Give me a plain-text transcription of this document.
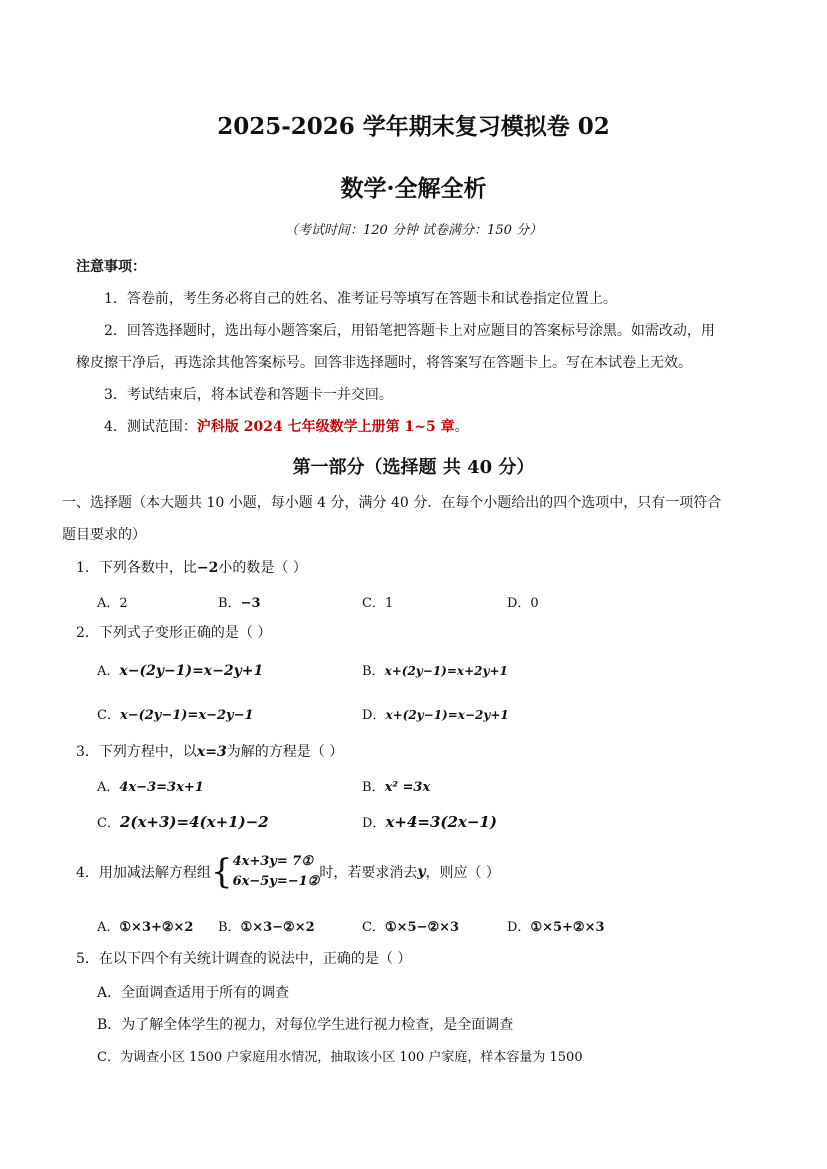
2025-2026 学年期末复习模拟卷 02
数学·全解全析
（考试时间：120 分钟 试卷满分：150 分）
注意事项：
1．答卷前，考生务必将自己的姓名、准考证号等填写在答题卡和试卷指定位置上。
2．回答选择题时，选出每小题答案后，用铅笔把答题卡上对应题目的答案标号涂黑。如需改动，用
橡皮擦干净后，再选涂其他答案标号。回答非选择题时，将答案写在答题卡上。写在本试卷上无效。
3．考试结束后，将本试卷和答题卡一并交回。
4．测试范围：沪科版 2024 七年级数学上册第 1~5 章。
第一部分（选择题 共 40 分）
一、选择题（本大题共 10 小题，每小题 4 分，满分 40 分．在每个小题给出的四个选项中，只有一项符合
题目要求的）
1．下列各数中，比−2小的数是（ ）
A．2	B．−3	C．1	D．0
2．下列式子变形正确的是（ ）
A．x−(2y−1)=x−2y+1	B．x+(2y−1)=x+2y+1
C．x−(2y−1)=x−2y−1	D．x+(2y−1)=x−2y+1
3．下列方程中，以x=3为解的方程是（ ）
A．4x−3=3x+1	B．x² =3x
C．2(x+3)=4(x+1)−2	D．x+4=3(2x−1)
4．用加减法解方程组{ 4x+3y= 7①
6x−5y=−1②
时，若要求消去y，则应（ ）
A．①×3+②×2 B．①×3−②×2	C．①×5−②×3	D．①×5+②×3
5．在以下四个有关统计调查的说法中，正确的是（ ）
A．全面调查适用于所有的调查
B．为了解全体学生的视力，对每位学生进行视力检查，是全面调查
C．为调查小区 1500 户家庭用水情况，抽取该小区 100 户家庭，样本容量为 1500
